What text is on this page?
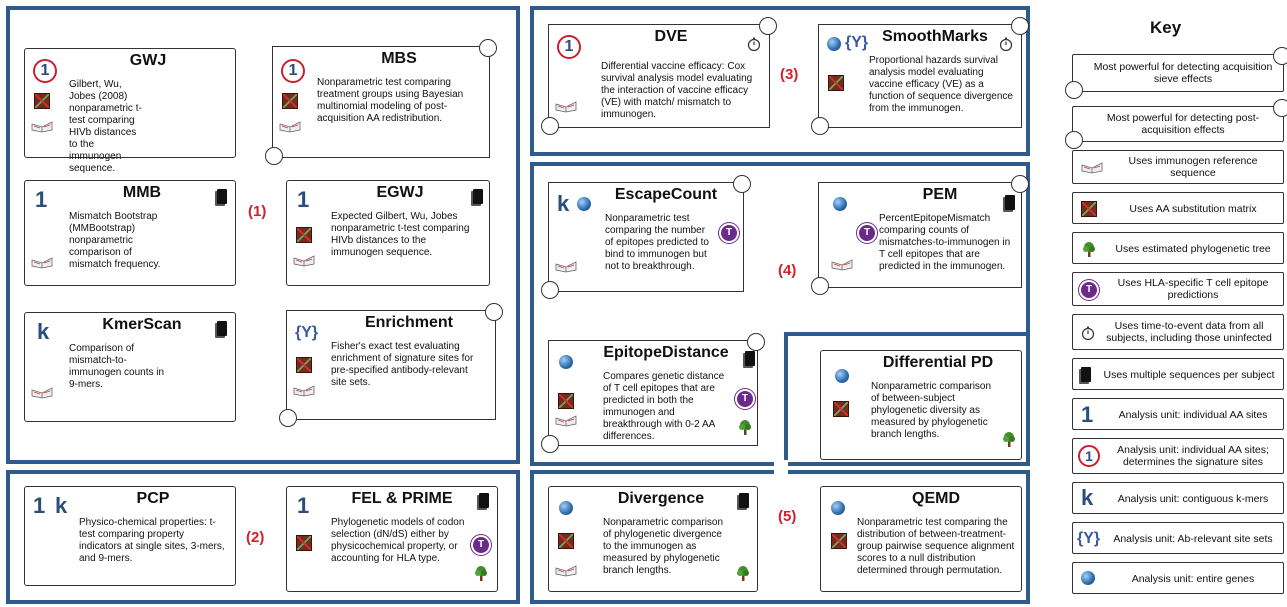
(1)
(2)
(3)
(4)
(5)
1
GWJ
Gilbert, Wu, Jobes (2008) nonparametric t-test comparing HIVb distances to the immunogen sequence.
1
MBS
Nonparametric test comparing treatment groups using Bayesian multinomial modeling of post-acquisition AA redistribution.
1	MMB
Mismatch Bootstrap (MMBootstrap) nonparametric comparison of mismatch frequency.
1	EGWJ
Expected Gilbert, Wu, Jobes nonparametric t-test comparing HIVb distances to the immunogen sequence.
k	KmerScan
Comparison of mismatch-to-immunogen counts in 9-mers.
{Y}
Enrichment
Fisher's exact test evaluating enrichment of signature sites for pre-specified antibody-relevant site sets.
1 k	PCP
Physico-chemical properties: t-test comparing property indicators at single sites, 3-mers, and 9-mers.
1
T
FEL & PRIME
Phylogenetic models of codon selection (dN/dS) either by physicochemical property, or accounting for HLA type.
1
DVE
Differential vaccine efficacy: Cox survival analysis model evaluating the interaction of vaccine efficacy (VE) with match/ mismatch to immunogen.
{Y} SmoothMarks
Proportional hazards survival analysis model evaluating vaccine efficacy (VE) as a function of sequence divergence from the immunogen.
k
T
EscapeCount
Nonparametric test comparing the number of epitopes predicted to bind to immunogen but not to breakthrough.
T
PEM
PercentEpitopeMismatch comparing counts of mismatches-to-immunogen in T cell epitopes that are predicted in the immunogen.
T
EpitopeDistance
Compares genetic distance of T cell epitopes that are predicted in both the immunogen and breakthrough with 0-2 AA differences.
Differential PD
Nonparametric comparison of between-subject phylogenetic diversity as measured by phylogenetic branch lengths.
Divergence
Nonparametric comparison of phylogenetic divergence to the immunogen as measured by phylogenetic branch lengths.
QEMD
Nonparametric test comparing the distribution of between-treatment-group pairwise sequence alignment scores to a null distribution determined through permutation.
Key
Most powerful for detecting acquisition sieve effects
Most powerful for detecting post-acquisition effects
Uses immunogen reference sequence
Uses AA substitution matrix
Uses estimated phylogenetic tree
T
Uses HLA-specific T cell epitope predictions
Uses time-to-event data from all subjects, including those uninfected
Uses multiple sequences per subject
1	Analysis unit: individual AA sites
1	Analysis unit: individual AA sites; determines the signature sites
k	Analysis unit: contiguous k-mers
{Y}	Analysis unit: Ab-relevant site sets
Analysis unit: entire genes
